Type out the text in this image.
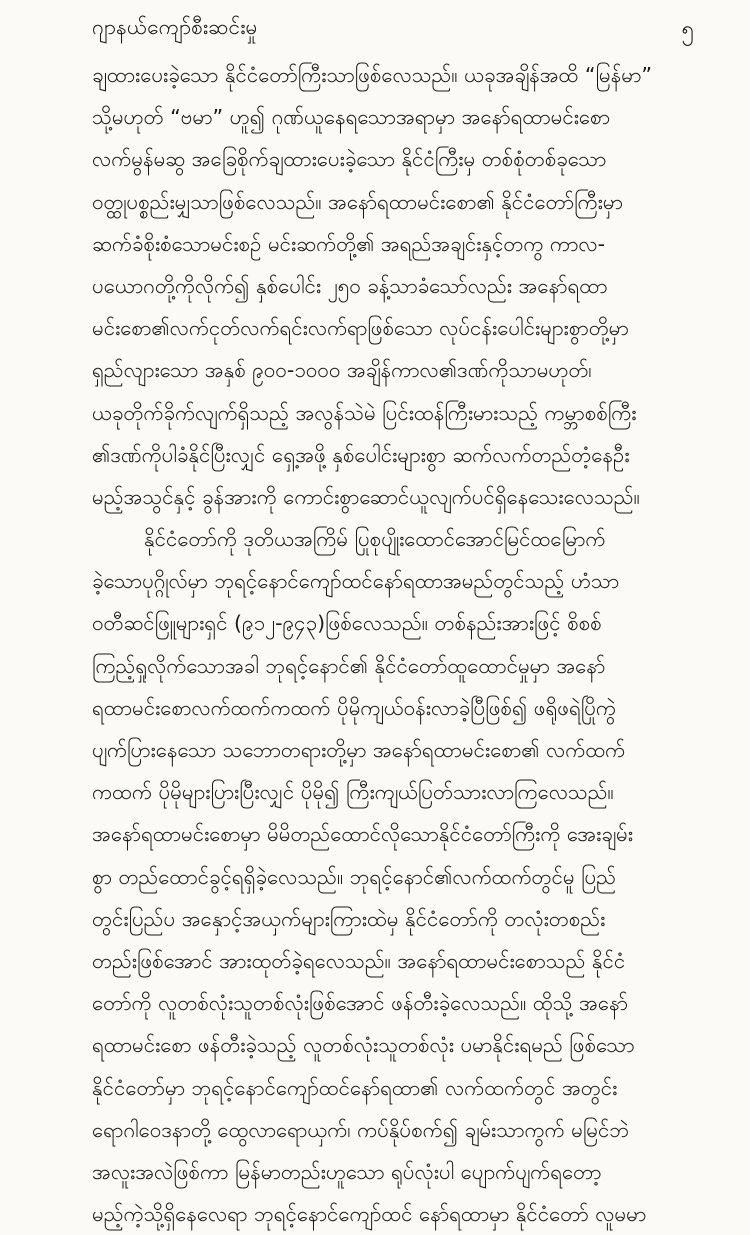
ဂျာနယ်ကျော်စီးဆင်းမှု	၅
ချထားပေးခဲ့သော နိုင်ငံတော်ကြီးသာဖြစ်လေသည်။ ယခုအချိန်အထိ “မြန်မာ”
သို့မဟုတ် “ဗမာ” ဟူ၍ ဂုဏ်ယူနေရသောအရာမှာ အနော်ရထာမင်းစော
လက်မွန်မဆွ အခြေစိုက်ချထားပေးခဲ့သော နိုင်ငံကြီးမှ တစ်စုံတစ်ခုသော
ဝတ္ထုပစ္စည်းမျှသာဖြစ်လေသည်။ အနော်ရထာမင်းစော၏ နိုင်ငံတော်ကြီးမှာ
ဆက်ခံစိုးစံသောမင်းစဉ် မင်းဆက်တို့၏ အရည်အချင်းနှင့်တကွ ကာလ-
ပယောဂတို့ကိုလိုက်၍ နှစ်ပေါင်း ၂၅၀ ခန့်သာခံသော်လည်း အနော်ရထာ
မင်းစော၏လက်ငုတ်လက်ရင်းလက်ရာဖြစ်သော လုပ်ငန်းပေါင်းများစွာတို့မှာ
ရှည်လျားသော အနှစ် ၉၀၀-၁၀၀၀ အချိန်ကာလ၏ဒဏ်ကိုသာမဟုတ်၊
ယခုတိုက်ခိုက်လျက်ရှိသည့် အလွန်သဲမဲ ပြင်းထန်ကြီးမားသည့် ကမ္ဘာစစ်ကြီး
၏ဒဏ်ကိုပါခံနိုင်ပြီးလျှင် ရှေ့အဖို့ နှစ်ပေါင်းများစွာ ဆက်လက်တည်တံ့နေဦး
မည့်အသွင်နှင့် ခွန်အားကို ကောင်းစွာဆောင်ယူလျက်ပင်ရှိနေသေးလေသည်။
နိုင်ငံတော်ကို ဒုတိယအကြိမ် ပြုစုပျိုးထောင်အောင်မြင်ထမြောက်
ခဲ့သောပုဂ္ဂိုလ်မှာ ဘုရင့်နောင်ကျော်ထင်နော်ရထာအမည်တွင်သည့် ဟံသာ
ဝတီဆင်ဖြူများရှင် (၉၁၂-၉၄၃)ဖြစ်လေသည်။ တစ်နည်းအားဖြင့် စိစစ်
ကြည့်ရှုလိုက်သောအခါ ဘုရင့်နောင်၏ နိုင်ငံတော်ထူထောင်မှုမှာ အနော်
ရထာမင်းစောလက်ထက်ကထက် ပိုမိုကျယ်ဝန်းလာခဲ့ပြီဖြစ်၍ ဖရိုဖရဲပြိုကွဲ
ပျက်ပြားနေသော သဘောတရားတို့မှာ အနော်ရထာမင်းစော၏ လက်ထက်
ကထက် ပိုမိုများပြားပြီးလျှင် ပိုမို၍ ကြီးကျယ်ပြတ်သားလာကြလေသည်။
အနော်ရထာမင်းစောမှာ မိမိတည်ထောင်လိုသောနိုင်ငံတော်ကြီးကို အေးချမ်း
စွာ တည်ထောင်ခွင့်ရရှိခဲ့လေသည်။ ဘုရင့်နောင်၏လက်ထက်တွင်မူ ပြည်
တွင်းပြည်ပ အနှောင့်အယှက်များကြားထဲမှ နိုင်ငံတော်ကို တလုံးတစည်း
တည်းဖြစ်အောင် အားထုတ်ခဲ့ရလေသည်။ အနော်ရထာမင်းစောသည် နိုင်ငံ
တော်ကို လူတစ်လုံးသူတစ်လုံးဖြစ်အောင် ဖန်တီးခဲ့လေသည်။ ထိုသို့ အနော်
ရထာမင်းစော ဖန်တီးခဲ့သည့် လူတစ်လုံးသူတစ်လုံး ပမာနိုင်းရမည် ဖြစ်သော
နိုင်ငံတော်မှာ ဘုရင့်နောင်ကျော်ထင်နော်ရထာ၏ လက်ထက်တွင် အတွင်း
ရောဂါဝေဒနာတို့ ထွေလာရောယှက်၊ ကပ်နိုပ်စက်၍ ချမ်းသာကွက် မမြင်ဘဲ
အလူးအလဲဖြစ်ကာ မြန်မာတည်းဟူသော ရုပ်လုံးပါ ပျောက်ပျက်ရတော့
မည့်ကဲ့သို့ရှိနေလေရာ ဘုရင့်နောင်ကျော်ထင် နော်ရထာမှာ နိုင်ငံတော် လူမမာ
